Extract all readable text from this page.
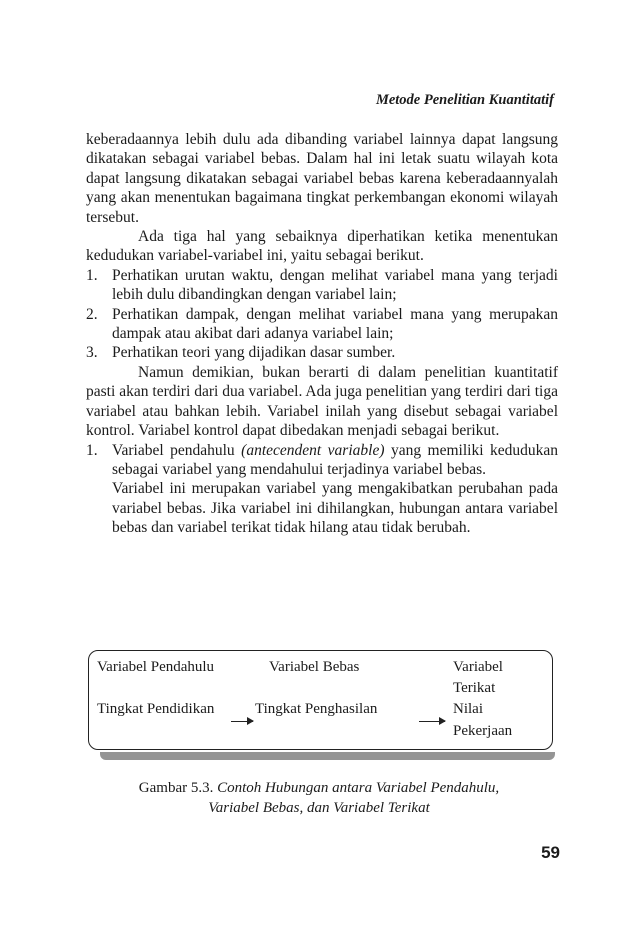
Metode Penelitian Kuantitatif

keberadaannya lebih dulu ada dibanding variabel lainnya dapat langsung dikatakan sebagai variabel bebas. Dalam hal ini letak suatu wilayah kota dapat langsung dikatakan sebagai variabel bebas karena keberadaannyalah yang akan menentukan bagaimana tingkat perkembangan ekonomi wilayah tersebut.

Ada tiga hal yang sebaiknya diperhatikan ketika menentukan kedudukan variabel-variabel ini, yaitu sebagai berikut.

1. Perhatikan urutan waktu, dengan melihat variabel mana yang terjadi lebih dulu dibandingkan dengan variabel lain;
2. Perhatikan dampak, dengan melihat variabel mana yang merupakan dampak atau akibat dari adanya variabel lain;
3. Perhatikan teori yang dijadikan dasar sumber.

Namun demikian, bukan berarti di dalam penelitian kuantitatif pasti akan terdiri dari dua variabel. Ada juga penelitian yang terdiri dari tiga variabel atau bahkan lebih. Variabel inilah yang disebut sebagai variabel kontrol. Variabel kontrol dapat dibedakan menjadi sebagai berikut.

1. Variabel pendahulu (antecendent variable) yang memiliki kedudukan sebagai variabel yang mendahului terjadinya variabel bebas.

Variabel ini merupakan variabel yang mengakibatkan perubahan pada variabel bebas. Jika variabel ini dihilangkan, hubungan antara variabel bebas dan variabel terikat tidak hilang atau tidak berubah.

Variabel Pendahulu	Variabel Bebas	Variabel
Terikat
Tingkat Pendidikan	Tingkat Penghasilan	Nilai
Pekerjaan
Gambar 5.3. Contoh Hubungan antara Variabel Pendahulu,
Variabel Bebas, dan Variabel Terikat
59
